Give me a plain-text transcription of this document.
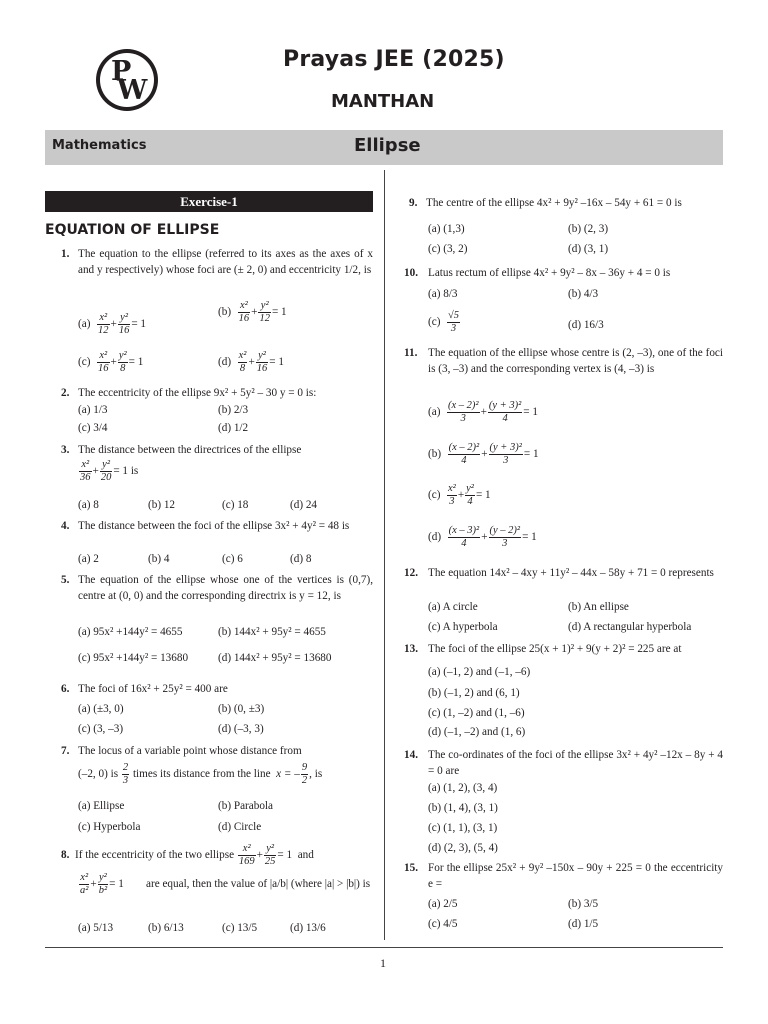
P
W
Prayas JEE (2025)
MANTHAN
Mathematics	Ellipse
Exercise-1
EQUATION OF ELLIPSE
1. The equation to the ellipse (referred to its axes as the axes of x and y respectively) whose foci are (± 2, 0) and eccentricity 1/2, is
$(a) \frac{\text{x²}}{12} + \frac{\text{y²}}{16} = 1$
$(b) \frac{\text{x²}}{16} + \frac{\text{y²}}{12} = 1$
$(c) \frac{\text{x²}}{16} + \frac{\text{y²}}{8} = 1$	$(d) \frac{\text{x²}}{8} + \frac{\text{y²}}{16} = 1$
2. The eccentricity of the ellipse 9x² + 5y² – 30 y = 0 is:
(a) 1/3	(b) 2/3
(c) 3/4	(d) 1/2
3. The distance between the directrices of the ellipse
$\frac{\text{x²}}{36} + \frac{\text{y²}}{20} = 1$ is
(a) 8	(b) 12	(c) 18	(d) 24
4. The distance between the foci of the ellipse 3x² + 4y² = 48 is
(a) 2	(b) 4	(c) 6	(d) 8
5. The equation of the ellipse whose one of the vertices is (0,7), centre at (0, 0) and the corresponding directrix is y = 12, is
(a) 95x² +144y² = 4655	(b) 144x² + 95y² = 4655
(c) 95x² +144y² = 13680	(d) 144x² + 95y² = 13680
6. The foci of 16x² + 25y² = 400 are
(a) (±3, 0)	(b) (0, ±3)
(c) (3, –3)	(d) (–3, 3)
7. The locus of a variable point whose distance from
(–2, 0) is $\frac{2}{3}$ times its distance from the line x = – $\frac{9}{2}$ , is
(a) Ellipse	(b) Parabola
(c) Hyperbola	(d) Circle
8. If the eccentricity of the two ellipse $\frac{\text{x²}}{169} + \frac{\text{y²}}{25} = 1$ and
$\frac{\text{x²}}{\text{a²}} + \frac{\text{y²}}{\text{b²}} = 1$ are equal, then the value of |a/b| (where |a| > |b|) is
(a) 5/13	(b) 6/13	(c) 13/5	(d) 13/6
9. The centre of the ellipse 4x² + 9y² –16x – 54y + 61 = 0 is
(a) (1,3)	(b) (2, 3)
(c) (3, 2)	(d) (3, 1)
10. Latus rectum of ellipse 4x² + 9y² – 8x – 36y + 4 = 0 is
(a) 8/3	(b) 4/3
$(c) \frac{√5}{3}$	(d) 16/3
11. The equation of the ellipse whose centre is (2, –3), one of the foci is (3, –3) and the corresponding vertex is (4, –3) is
$(a) \frac{\text{(x – 2)²}}{3} + \frac{\text{(y + 3)²}}{4} = 1$
$(b) \frac{\text{(x – 2)²}}{4} + \frac{\text{(y + 3)²}}{3} = 1$
$(c) \frac{\text{x²}}{3} + \frac{\text{y²}}{4} = 1$
$(d) \frac{\text{(x – 3)²}}{4} + \frac{\text{(y – 2)²}}{3} = 1$
12. The equation 14x² – 4xy + 11y² – 44x – 58y + 71 = 0 represents
(a) A circle	(b) An ellipse
(c) A hyperbola	(d) A rectangular hyperbola
13. The foci of the ellipse 25(x + 1)² + 9(y + 2)² = 225 are at
(a) (–1, 2) and (–1, –6)
(b) (–1, 2) and (6, 1)
(c) (1, –2) and (1, –6)
(d) (–1, –2) and (1, 6)
14. The co-ordinates of the foci of the ellipse 3x² + 4y² –12x – 8y + 4 = 0 are
(a) (1, 2), (3, 4)
(b) (1, 4), (3, 1)
(c) (1, 1), (3, 1)
(d) (2, 3), (5, 4)
15. For the ellipse 25x² + 9y² –150x – 90y + 225 = 0 the eccentricity e =
(a) 2/5	(b) 3/5
(c) 4/5	(d) 1/5
1
